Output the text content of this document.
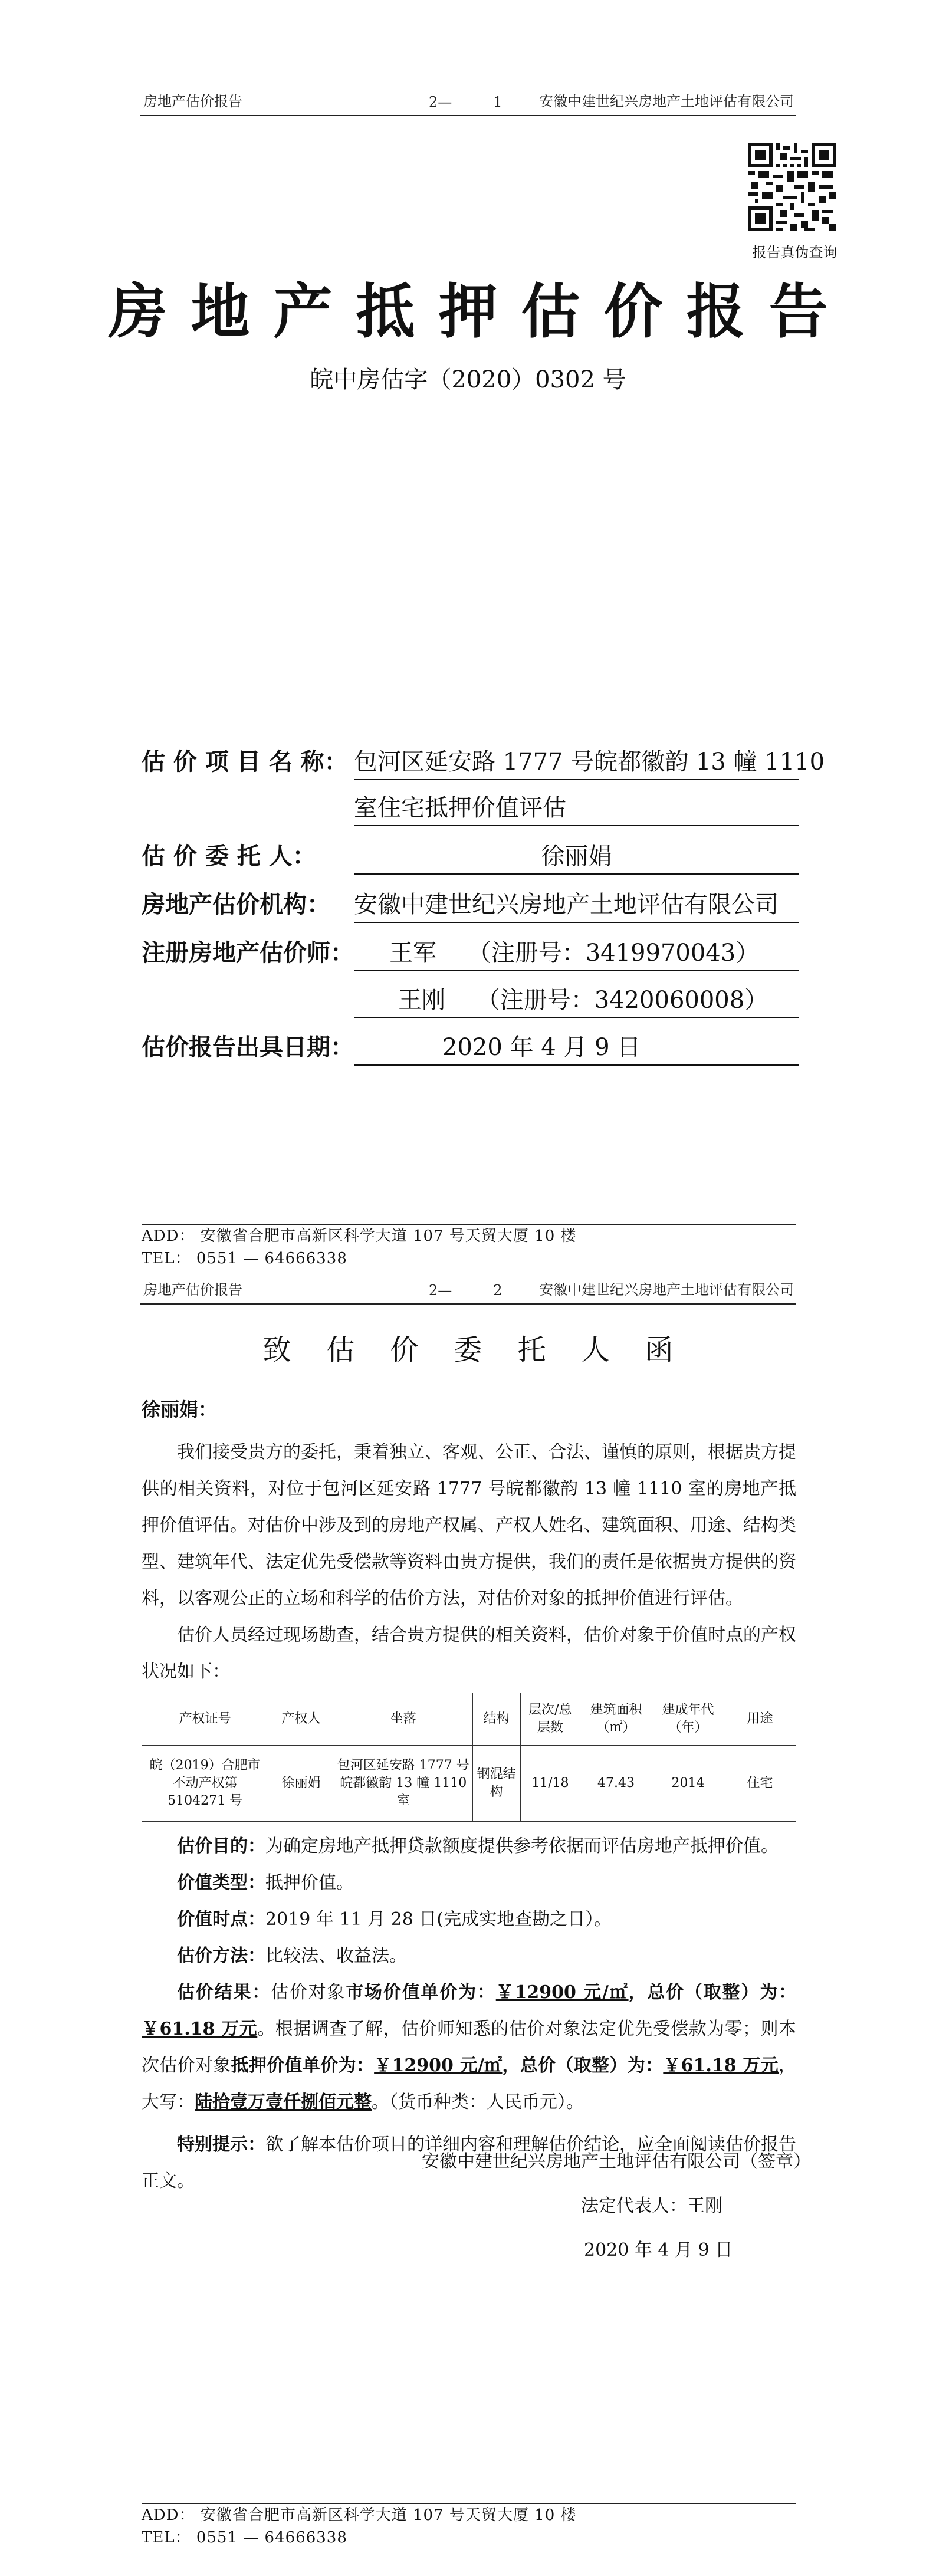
房地产估价报告	2—	1	安徽中建世纪兴房地产土地评估有限公司
报告真伪查询
房地产抵押估价报告
皖中房估字（2020）0302 号
估 价 项 目 名 称： 包河区延安路 1777 号皖都徽韵 13 幢 1110
室住宅抵押价值评估
估 价 委 托 人：	徐丽娟
房地产估价机构：	安徽中建世纪兴房地产土地评估有限公司
注册房地产估价师：	王军　 （注册号：3419970043）
王刚　 （注册号：3420060008）
估价报告出具日期：	2020 年 4 月 9 日
ADD： 安徽省合肥市高新区科学大道 107 号天贸大厦 10 楼
TEL： 0551 — 64666338
房地产估价报告	2—	2	安徽中建世纪兴房地产土地评估有限公司
致估价委托人函
徐丽娟：
我们接受贵方的委托，秉着独立、客观、公正、合法、谨慎的原则，根据贵方提供的相关资料，对位于包河区延安路 1777 号皖都徽韵 13 幢 1110 室的房地产抵押价值评估。对估价中涉及到的房地产权属、产权人姓名、建筑面积、用途、结构类型、建筑年代、法定优先受偿款等资料由贵方提供，我们的责任是依据贵方提供的资料，以客观公正的立场和科学的估价方法，对估价对象的抵押价值进行评估。
估价人员经过现场勘查，结合贵方提供的相关资料，估价对象于价值时点的产权状况如下：
产权证号	产权人	坐落	结构	层次/总层数	建筑面积（㎡）	建成年代（年）	用途
皖（2019）合肥市不动产权第 5104271 号	徐丽娟	包河区延安路 1777 号皖都徽韵 13 幢 1110 室	钢混结构	11/18	47.43	2014	住宅
估价目的：为确定房地产抵押贷款额度提供参考依据而评估房地产抵押价值。
价值类型：抵押价值。
价值时点：2019 年 11 月 28 日(完成实地查勘之日）。
估价方法：比较法、收益法。
估价结果：估价对象市场价值单价为：￥12900 元/㎡，总价（取整）为：￥61.18 万元。根据调查了解，估价师知悉的估价对象法定优先受偿款为零；则本次估价对象抵押价值单价为：￥12900 元/㎡，总价（取整）为：￥61.18 万元，大写：陆拾壹万壹仟捌佰元整。（货币种类：人民币元）。
特别提示：欲了解本估价项目的详细内容和理解估价结论，应全面阅读估价报告正文。
安徽中建世纪兴房地产土地评估有限公司（签章）
法定代表人：王刚
2020 年 4 月 9 日
ADD： 安徽省合肥市高新区科学大道 107 号天贸大厦 10 楼
TEL： 0551 — 64666338
